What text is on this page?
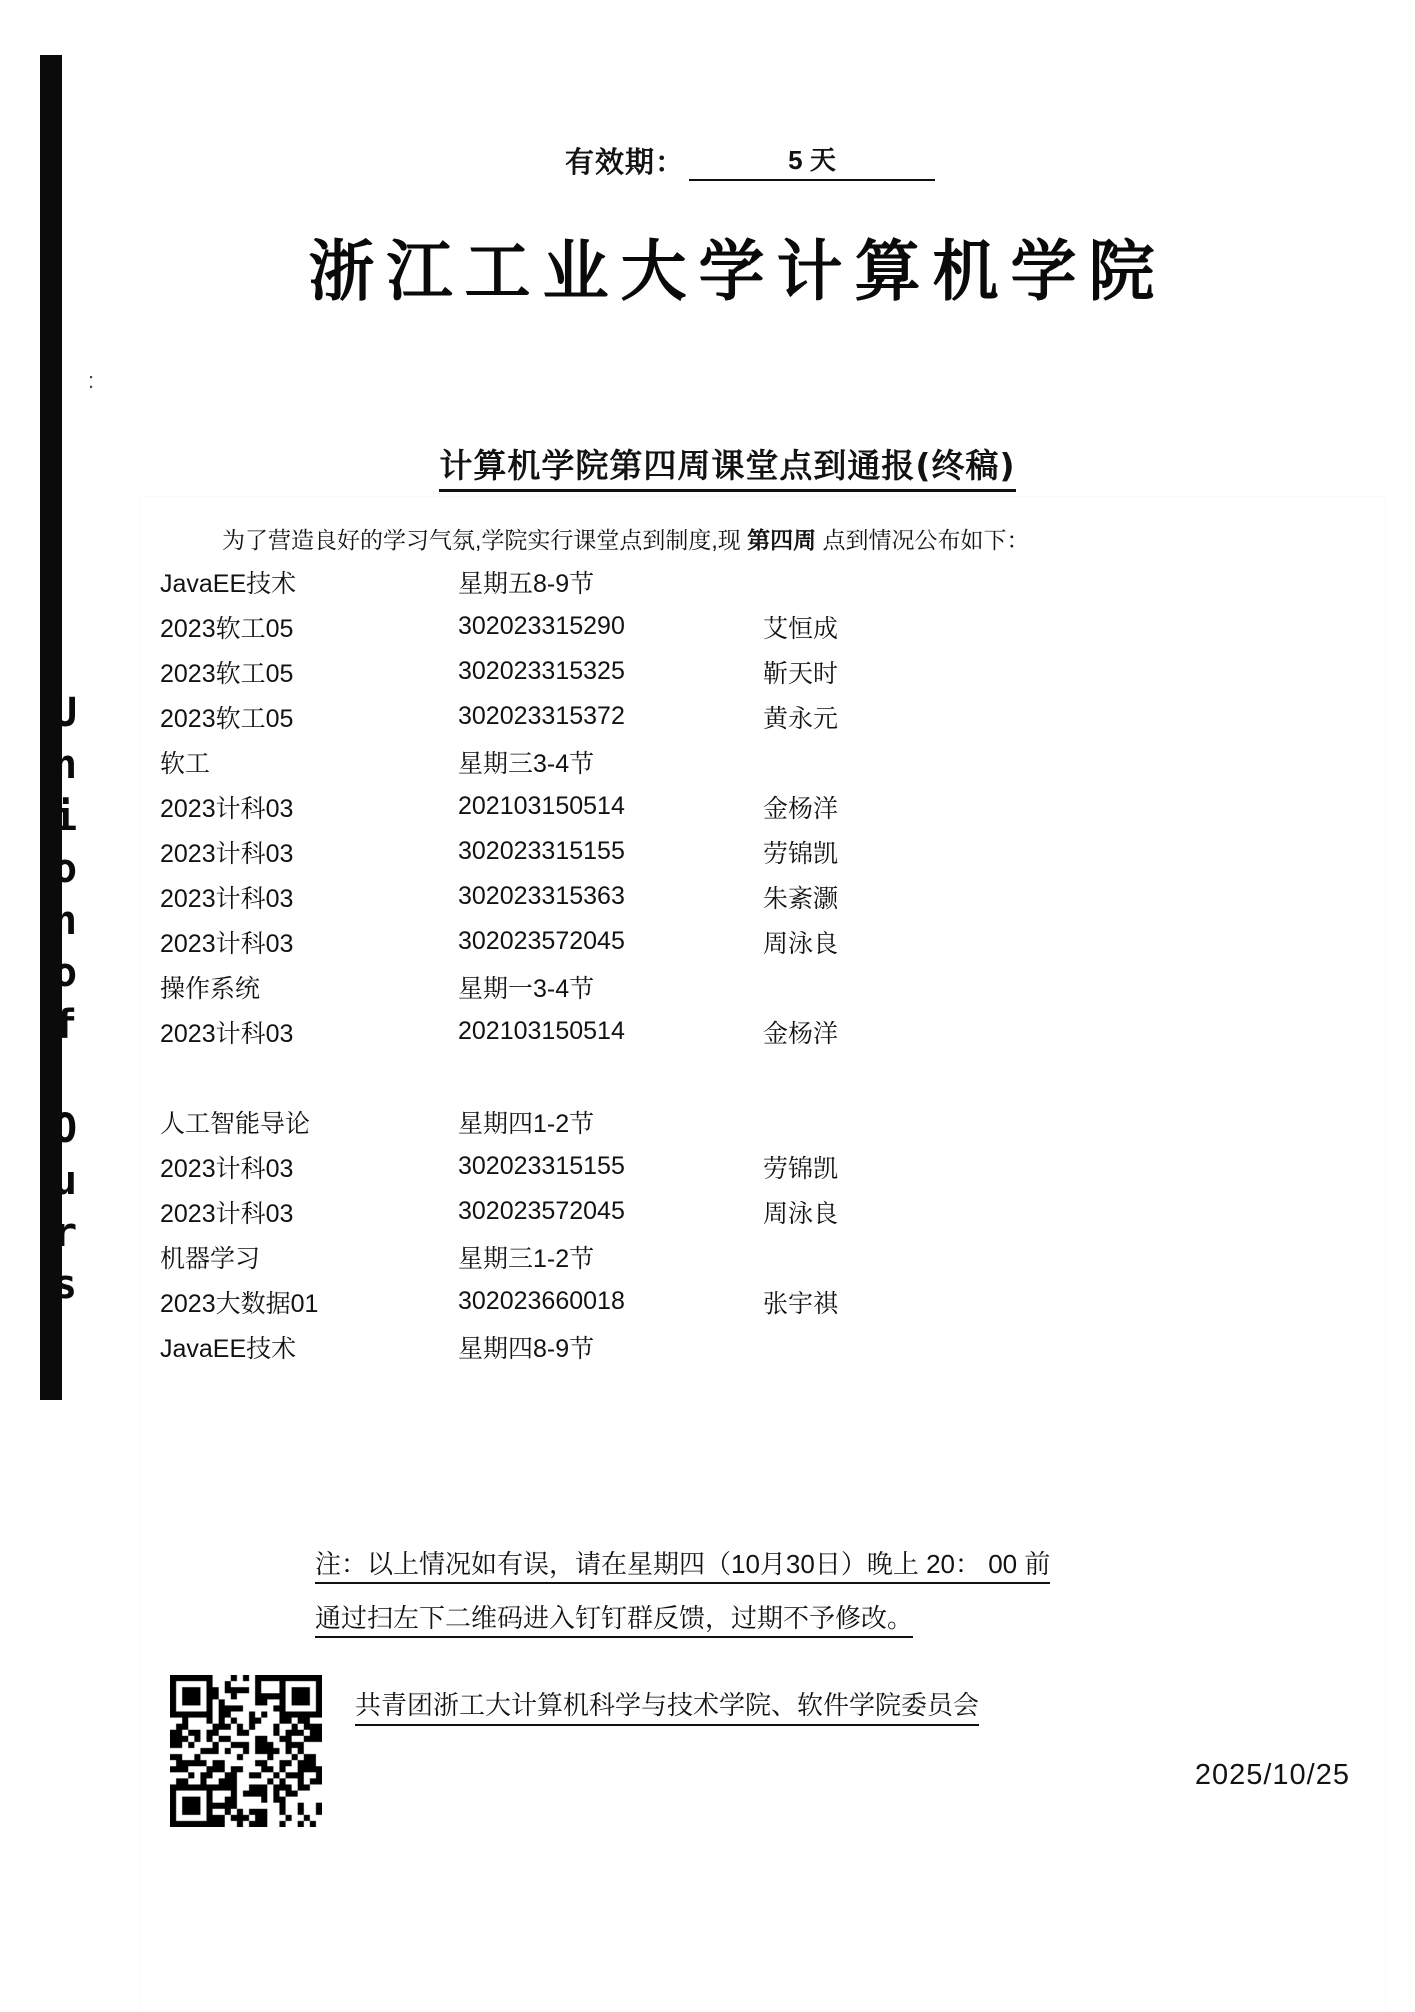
Unionof Ours
:
有效期：	5 天
浙江工业大学计算机学院
计算机学院第四周课堂点到通报(终稿)
为了营造良好的学习气氛,学院实行课堂点到制度,现 第四周 点到情况公布如下：
JavaEE技术	星期五8-9节
2023软工05	302023315290	艾恒成
2023软工05	302023315325	靳天时
2023软工05	302023315372	黄永元
软工	星期三3-4节
2023计科03	202103150514	金杨洋
2023计科03	302023315155	劳锦凯
2023计科03	302023315363	朱紊灏
2023计科03	302023572045	周泳良
操作系统	星期一3-4节
2023计科03	202103150514	金杨洋
人工智能导论	星期四1-2节
2023计科03	302023315155	劳锦凯
2023计科03	302023572045	周泳良
机器学习	星期三1-2节
2023大数据01	302023660018	张宇祺
JavaEE技术	星期四8-9节
注：以上情况如有误，请在星期四（10月30日）晚上 20： 00 前
通过扫左下二维码进入钉钉群反馈，过期不予修改。
共青团浙工大计算机科学与技术学院、软件学院委员会
2025/10/25
